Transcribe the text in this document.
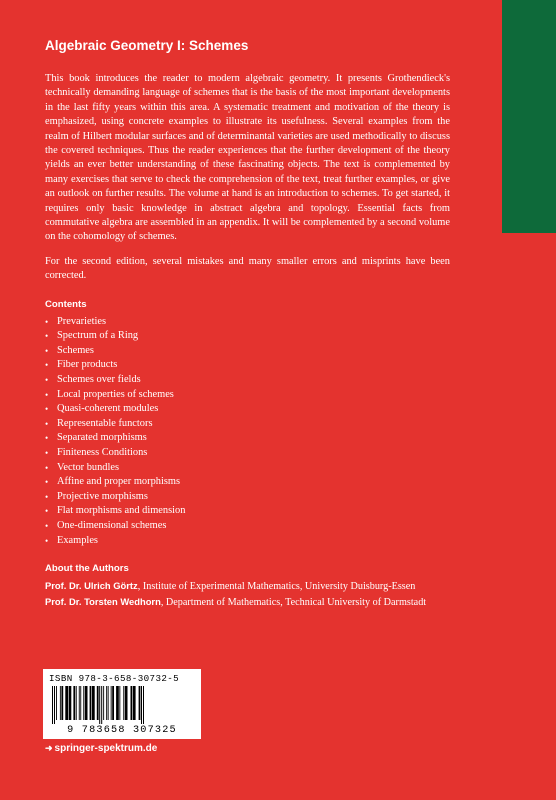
Algebraic Geometry I: Schemes

This book introduces the reader to modern algebraic geometry. It presents Grothendieck's technically demanding language of schemes that is the basis of the most important developments in the last fifty years within this area. A systematic treatment and motivation of the theory is emphasized, using concrete examples to illustrate its usefulness. Several examples from the realm of Hilbert modular surfaces and of determinantal varieties are used methodically to discuss the covered techniques. Thus the reader experiences that the further development of the theory yields an ever better understanding of these fascinating objects. The text is complemented by many exercises that serve to check the comprehension of the text, treat further examples, or give an outlook on further results. The volume at hand is an introduction to schemes. To get started, it requires only basic knowledge in abstract algebra and topology. Essential facts from commutative algebra are assembled in an appendix. It will be complemented by a second volume on the cohomology of schemes.

For the second edition, several mistakes and many smaller errors and misprints have been corrected.

Contents
• Prevarieties
• Spectrum of a Ring
• Schemes
• Fiber products
• Schemes over fields
• Local properties of schemes
• Quasi-coherent modules
• Representable functors
• Separated morphisms
• Finiteness Conditions
• Vector bundles
• Affine and proper morphisms
• Projective morphisms
• Flat morphisms and dimension
• One-dimensional schemes
• Examples
About the Authors
Prof. Dr. Ulrich Görtz, Institute of Experimental Mathematics, University Duisburg-Essen
Prof. Dr. Torsten Wedhorn, Department of Mathematics, Technical University of Darmstadt
ISBN 978-3-658-30732-5
9 783658 307325
➜ springer-spektrum.de
